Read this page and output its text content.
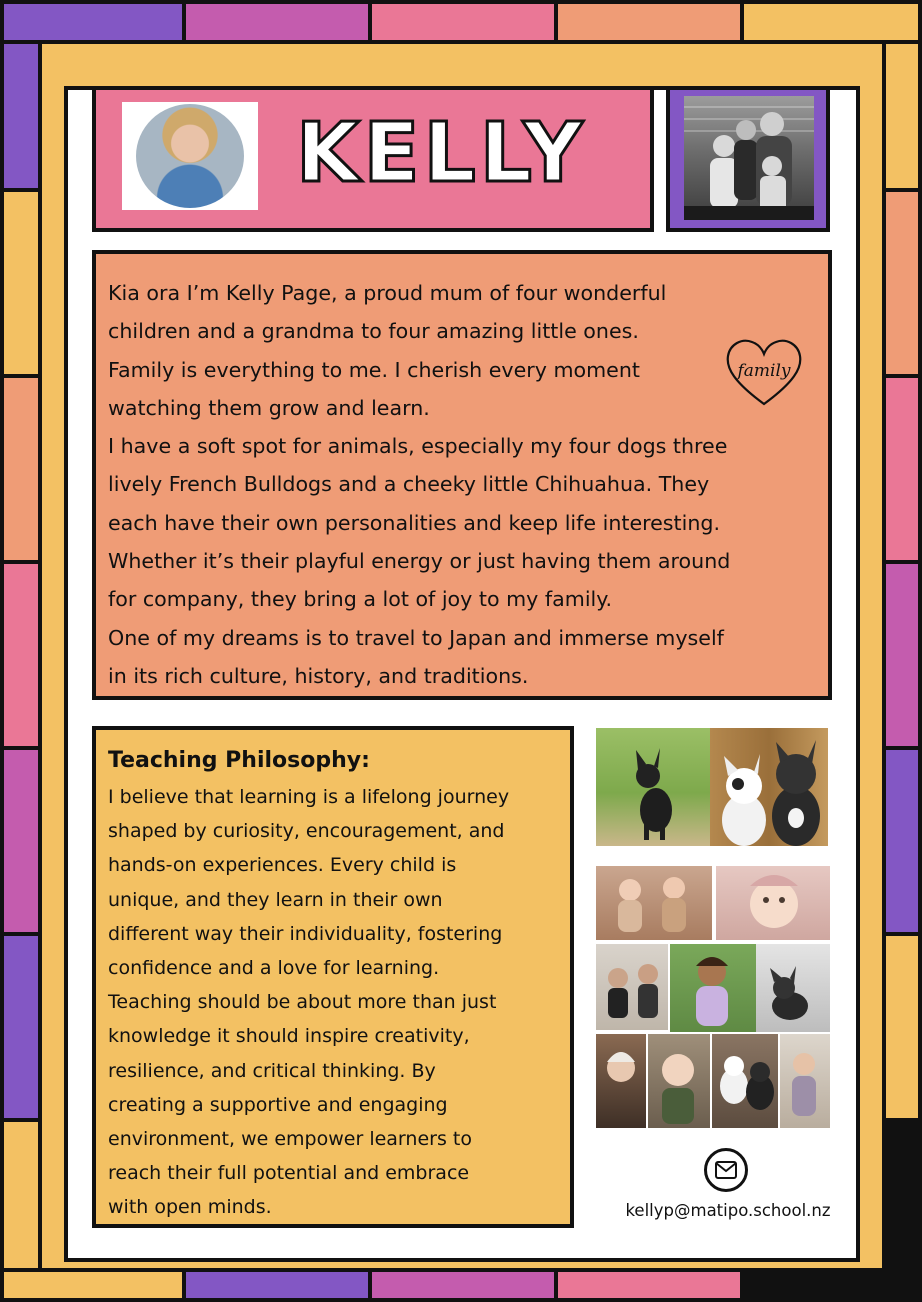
KELLY

Kia ora I’m Kelly Page, a proud mum of four wonderful

children and a grandma to four amazing little ones.

Family is everything to me. I cherish every moment

watching them grow and learn.

I have a soft spot for animals, especially my four dogs three

lively French Bulldogs and a cheeky little Chihuahua. They

each have their own personalities and keep life interesting.

Whether it’s their playful energy or just having them around

for company, they bring a lot of joy to my family.

One of my dreams is to travel to Japan and immerse myself

in its rich culture, history, and traditions.

family
Teaching Philosophy:

I believe that learning is a lifelong journey

shaped by curiosity, encouragement, and

hands-on experiences. Every child is

unique, and they learn in their own

different way their individuality, fostering

confidence and a love for learning.

Teaching should be about more than just

knowledge it should inspire creativity,

resilience, and critical thinking. By

creating a supportive and engaging

environment, we empower learners to

reach their full potential and embrace

with open minds.	kellyp@matipo.school.nz
